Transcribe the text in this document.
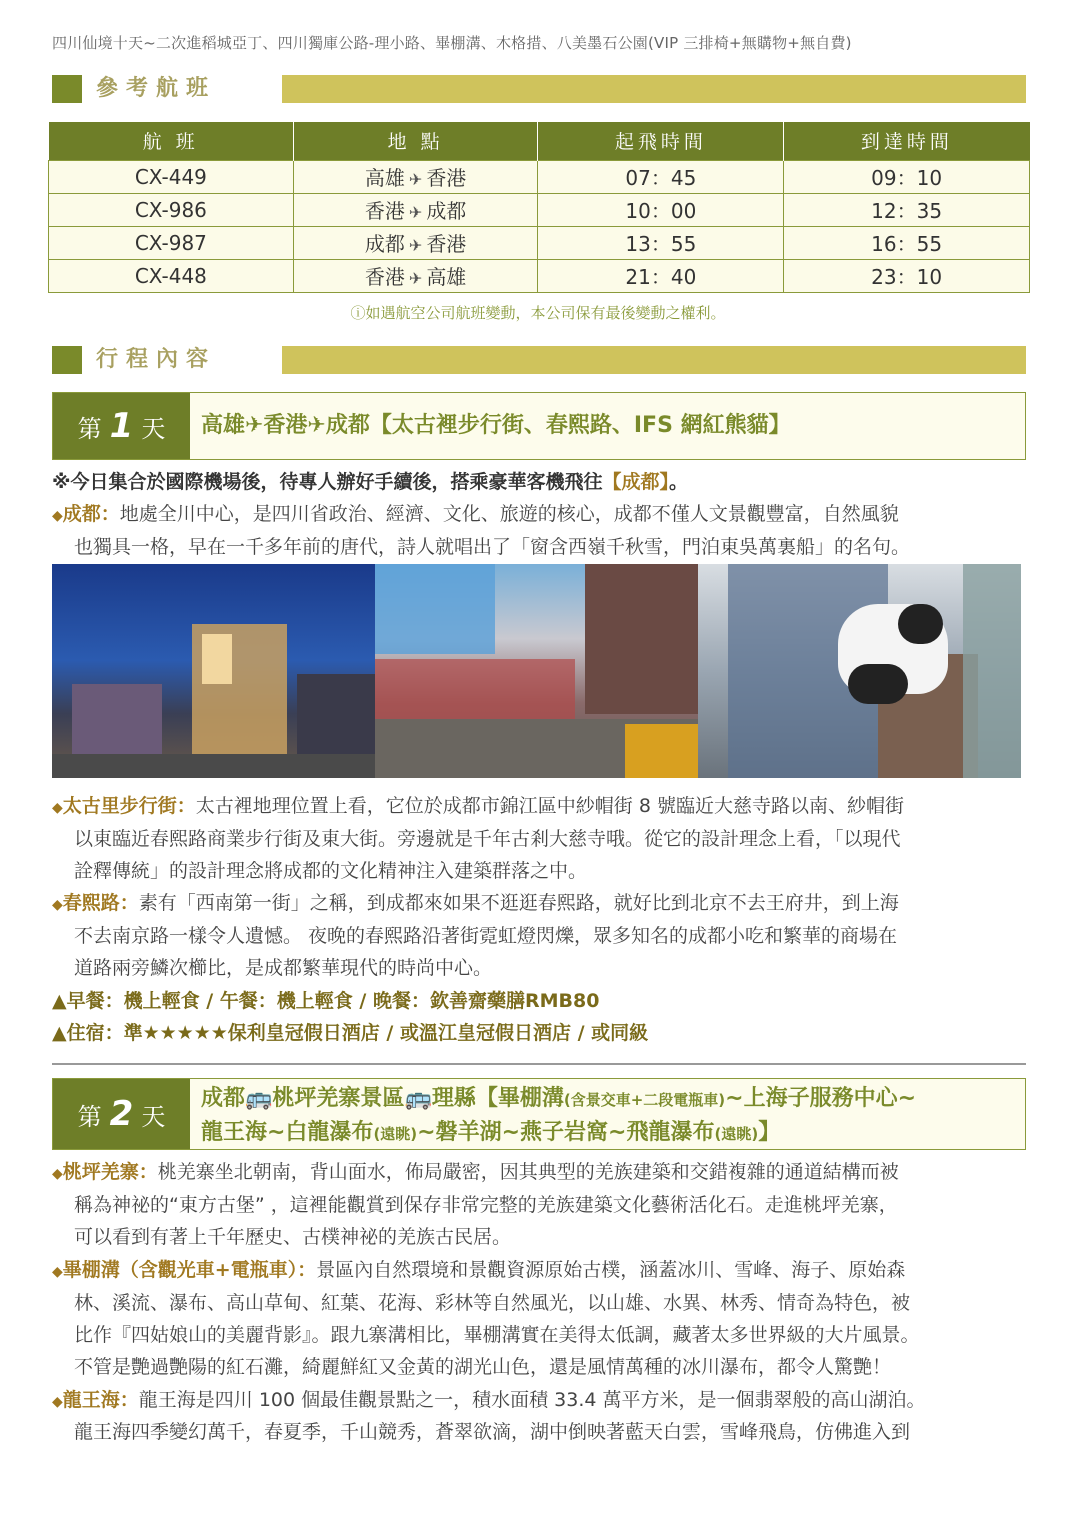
四川仙境十天~二次進稻城亞丁、四川獨庫公路-理小路、畢棚溝、木格措、八美墨石公園(VIP 三排椅+無購物+無自費)
參考航班
航 班	地 點	起飛時間	到達時間
CX-449	高雄 ✈ 香港	07：45	09：10
CX-986	香港 ✈ 成都	10：00	12：35
CX-987	成都 ✈ 香港	13：55	16：55
CX-448	香港 ✈ 高雄	21：40	23：10
ⓘ如遇航空公司航班變動，本公司保有最後變動之權利。
行程內容
第 1 天 高雄✈香港✈成都【太古裡步行街、春熙路、IFS 網紅熊貓】
※今日集合於國際機場後，待專人辦好手續後，搭乘豪華客機飛往【成都】。
◆成都：地處全川中心，是四川省政治、經濟、文化、旅遊的核心，成都不僅人文景觀豐富，自然風貌
也獨具一格，早在一千多年前的唐代，詩人就唱出了「窗含西嶺千秋雪，門泊東吳萬裏船」的名句。
◆太古里步行街：太古裡地理位置上看，它位於成都市錦江區中紗帽街 8 號臨近大慈寺路以南、紗帽街
以東臨近春熙路商業步行街及東大街。旁邊就是千年古剎大慈寺哦。從它的設計理念上看，「以現代
詮釋傳統」的設計理念將成都的文化精神注入建築群落之中。
◆春熙路：素有「西南第一街」之稱，到成都來如果不逛逛春熙路，就好比到北京不去王府井，到上海
不去南京路一樣令人遺憾。 夜晚的春熙路沿著街霓虹燈閃爍，眾多知名的成都小吃和繁華的商場在
道路兩旁鱗次櫛比，是成都繁華現代的時尚中心。
▲早餐：機上輕食 / 午餐：機上輕食 / 晚餐：欽善齋藥膳RMB80
▲住宿：準★★★★★保利皇冠假日酒店 / 或溫江皇冠假日酒店 / 或同級
第 2 天
成都🚌桃坪羌寨景區🚌理縣【畢棚溝(含景交車+二段電瓶車)~上海子服務中心~
龍王海~白龍瀑布(遠眺)~磐羊湖~燕子岩窩~飛龍瀑布(遠眺)】
◆桃坪羌寨：桃羌寨坐北朝南，背山面水，佈局嚴密，因其典型的羌族建築和交錯複雜的通道結構而被
稱為神祕的“東方古堡” ，這裡能觀賞到保存非常完整的羌族建築文化藝術活化石。走進桃坪羌寨，
可以看到有著上千年歷史、古樸神祕的羌族古民居。
◆畢棚溝（含觀光車+電瓶車）：景區內自然環境和景觀資源原始古樸，涵蓋冰川、雪峰、海子、原始森
林、溪流、瀑布、高山草甸、紅葉、花海、彩林等自然風光，以山雄、水異、林秀、情奇為特色，被
比作『四姑娘山的美麗背影』。跟九寨溝相比，畢棚溝實在美得太低調，藏著太多世界級的大片風景。
不管是艷過艷陽的紅石灘，綺麗鮮紅又金黃的湖光山色，還是風情萬種的冰川瀑布，都令人驚艷！
◆龍王海：龍王海是四川 100 個最佳觀景點之一，積水面積 33.4 萬平方米，是一個翡翠般的高山湖泊。
龍王海四季變幻萬千，春夏季，千山競秀，蒼翠欲滴，湖中倒映著藍天白雲，雪峰飛鳥，仿佛進入到
